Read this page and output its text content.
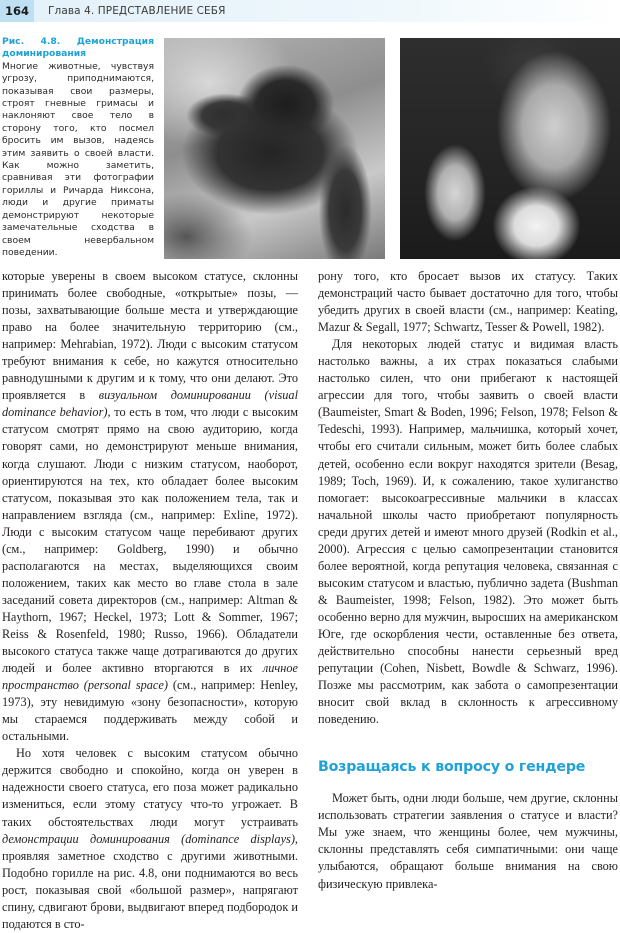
164	Глава 4. ПРЕДСТАВЛЕНИЕ СЕБЯ
Рис. 4.8. Демонстрация доминирования
Многие животные, чувствуя угрозу, приподнимаются, показывая свои размеры, строят гневные гримасы и наклоняют свое тело в сторону того, кто посмел бросить им вызов, надеясь этим заявить о своей власти. Как можно заметить, сравнивая эти фотографии гориллы и Ричарда Никсона, люди и другие приматы демонстрируют некоторые замечательные сходства в своем невербальном поведении.

которые уверены в своем высоком статусе, склонны принимать более свободные, «открытые» позы, — позы, захватывающие больше места и утверждающие право на более значительную территорию (см., например: Mehrabian, 1972). Люди с высоким статусом требуют внимания к себе, но кажутся относительно равнодушными к другим и к тому, что они делают. Это проявляется в визуальном доминировании (visual dominance behavior), то есть в том, что люди с высоким статусом смотрят прямо на свою аудиторию, когда говорят сами, но демонстрируют меньше внимания, когда слушают. Люди с низким статусом, наоборот, ориентируются на тех, кто обладает более высоким статусом, показывая это как положением тела, так и направлением взгляда (см., например: Exline, 1972). Люди с высоким статусом чаще перебивают других (см., например: Goldberg, 1990) и обычно располагаются на местах, выделяющихся своим положением, таких как место во главе стола в зале заседаний совета директоров (см., например: Altman & Haythorn, 1967; Heckel, 1973; Lott & Sommer, 1967; Reiss & Rosenfeld, 1980; Russo, 1966). Обладатели высокого статуса также чаще дотрагиваются до других людей и более активно вторгаются в их личное пространство (personal space) (см., например: Henley, 1973), эту невидимую «зону безопасности», которую мы стараемся поддерживать между собой и остальными.

Но хотя человек с высоким статусом обычно держится свободно и спокойно, когда он уверен в надежности своего статуса, его поза может радикально измениться, если этому статусу что-то угрожает. В таких обстоятельствах люди могут устраивать демонстрации доминирования (dominance displays), проявляя заметное сходство с другими животными. Подобно горилле на рис. 4.8, они поднимаются во весь рост, показывая свой «большой размер», напрягают спину, сдвигают брови, выдвигают вперед подбородок и подаются в сто-

рону того, кто бросает вызов их статусу. Таких демонстраций часто бывает достаточно для того, чтобы убедить других в своей власти (см., например: Keating, Mazur & Segall, 1977; Schwartz, Tesser & Powell, 1982).

Для некоторых людей статус и видимая власть настолько важны, а их страх показаться слабыми настолько силен, что они прибегают к настоящей агрессии для того, чтобы заявить о своей власти (Baumeister, Smart & Boden, 1996; Felson, 1978; Felson & Tedeschi, 1993). Например, мальчишка, который хочет, чтобы его считали сильным, может бить более слабых детей, особенно если вокруг находятся зрители (Besag, 1989; Toch, 1969). И, к сожалению, такое хулиганство помогает: высокоагрессивные мальчики в классах начальной школы часто приобретают популярность среди других детей и имеют много друзей (Rodkin et al., 2000). Агрессия с целью самопрезентации становится более вероятной, когда репутация человека, связанная с высоким статусом и властью, публично задета (Bushman & Baumeister, 1998; Felson, 1982). Это может быть особенно верно для мужчин, выросших на американском Юге, где оскорбления чести, оставленные без ответа, действительно способны нанести серьезный вред репутации (Cohen, Nisbett, Bowdle & Schwarz, 1996). Позже мы рассмотрим, как забота о самопрезентации вносит свой вклад в склонность к агрессивному поведению.

Возращаясь к вопросу о гендере

Может быть, одни люди больше, чем другие, склонны использовать стратегии заявления о статусе и власти? Мы уже знаем, что женщины более, чем мужчины, склонны представлять себя симпатичными: они чаще улыбаются, обращают больше внимания на свою физическую привлека-
